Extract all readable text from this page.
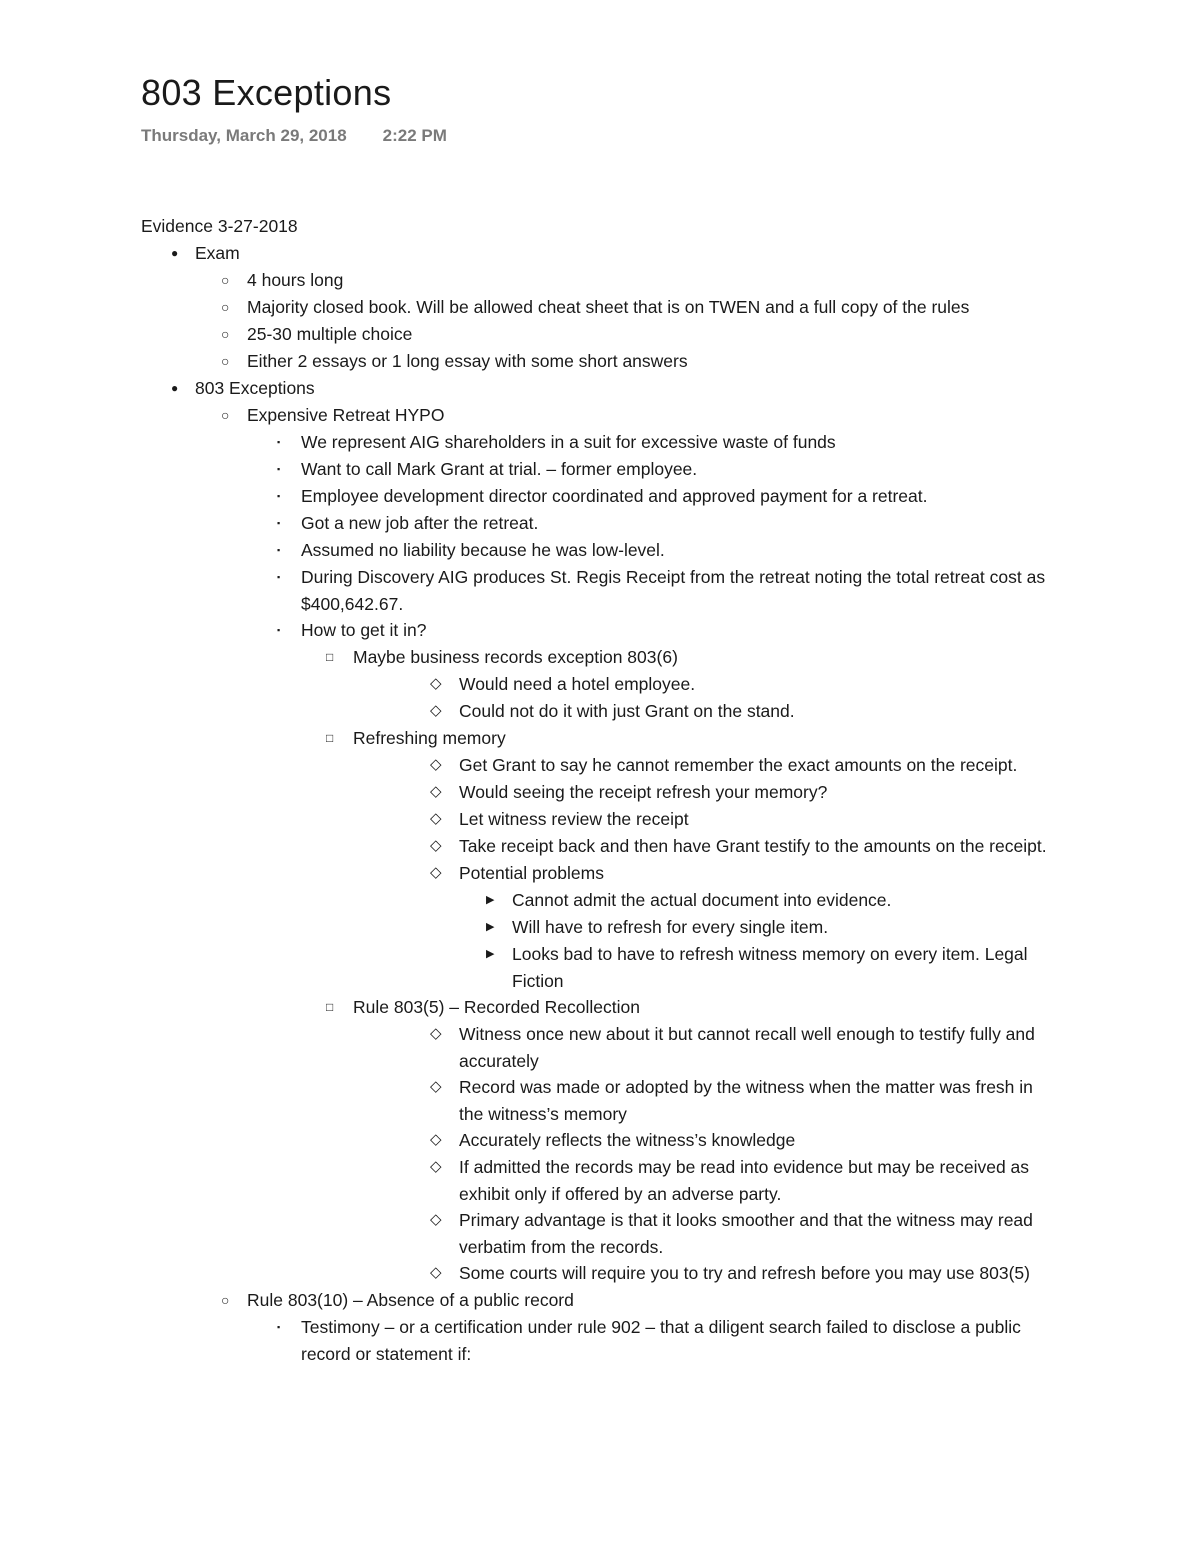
803 Exceptions
Thursday, March 29, 2018 2:22 PM
Evidence 3-27-2018
● Exam
○ 4 hours long
○ Majority closed book. Will be allowed cheat sheet that is on TWEN and a full copy of the rules
○ 25-30 multiple choice
○ Either 2 essays or 1 long essay with some short answers
● 803 Exceptions
○ Expensive Retreat HYPO
▪ We represent AIG shareholders in a suit for excessive waste of funds
▪ Want to call Mark Grant at trial. – former employee.
▪ Employee development director coordinated and approved payment for a retreat.
▪ Got a new job after the retreat.
▪ Assumed no liability because he was low-level.
▪ During Discovery AIG produces St. Regis Receipt from the retreat noting the total retreat cost as $400,642.67.
▪ How to get it in?
□ Maybe business records exception 803(6)
◇ Would need a hotel employee.
◇ Could not do it with just Grant on the stand.
□ Refreshing memory
◇ Get Grant to say he cannot remember the exact amounts on the receipt.
◇ Would seeing the receipt refresh your memory?
◇ Let witness review the receipt
◇ Take receipt back and then have Grant testify to the amounts on the receipt.
◇ Potential problems
▶ Cannot admit the actual document into evidence.
▶ Will have to refresh for every single item.
▶ Looks bad to have to refresh witness memory on every item. Legal Fiction
□ Rule 803(5) – Recorded Recollection
◇ Witness once new about it but cannot recall well enough to testify fully and accurately
◇ Record was made or adopted by the witness when the matter was fresh in the witness’s memory
◇ Accurately reflects the witness’s knowledge
◇ If admitted the records may be read into evidence but may be received as exhibit only if offered by an adverse party.
◇ Primary advantage is that it looks smoother and that the witness may read verbatim from the records.
◇ Some courts will require you to try and refresh before you may use 803(5)
○ Rule 803(10) – Absence of a public record
▪ Testimony – or a certification under rule 902 – that a diligent search failed to disclose a public record or statement if:
